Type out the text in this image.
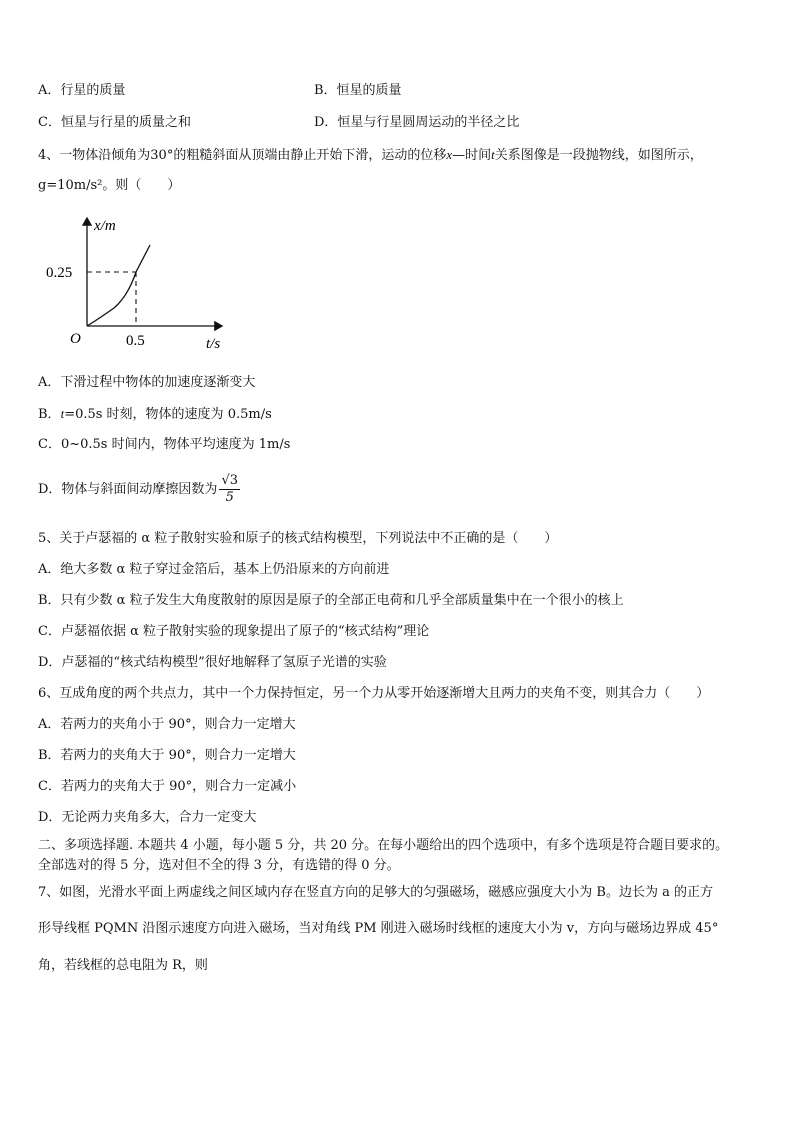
A．行星的质量	B．恒星的质量
C．恒星与行星的质量之和	D．恒星与行星圆周运动的半径之比
4、一物体沿倾角为30°的粗糙斜面从顶端由静止开始下滑，运动的位移x—时间t关系图像是一段抛物线，如图所示，
g=10m/s²。则（　　）
x/m
0.25
O	0.5	t/s
A．下滑过程中物体的加速度逐渐变大
B．t=0.5s 时刻，物体的速度为 0.5m/s
C．0~0.5s 时间内，物体平均速度为 1m/s
D．物体与斜面间动摩擦因数为 $\frac{√3}{5}$
5、关于卢瑟福的 α 粒子散射实验和原子的核式结构模型，下列说法中不正确的是（　　）
A．绝大多数 α 粒子穿过金箔后，基本上仍沿原来的方向前进
B．只有少数 α 粒子发生大角度散射的原因是原子的全部正电荷和几乎全部质量集中在一个很小的核上
C．卢瑟福依据 α 粒子散射实验的现象提出了原子的“核式结构”理论
D．卢瑟福的“核式结构模型”很好地解释了氢原子光谱的实验
6、互成角度的两个共点力，其中一个力保持恒定，另一个力从零开始逐渐增大且两力的夹角不变，则其合力（　　）
A．若两力的夹角小于 90°，则合力一定增大
B．若两力的夹角大于 90°，则合力一定增大
C．若两力的夹角大于 90°，则合力一定减小
D．无论两力夹角多大，合力一定变大
二、多项选择题. 本题共 4 小题，每小题 5 分，共 20 分。在每小题给出的四个选项中，有多个选项是符合题目要求的。
全部选对的得 5 分，选对但不全的得 3 分，有选错的得 0 分。
7、如图，光滑水平面上两虚线之间区域内存在竖直方向的足够大的匀强磁场，磁感应强度大小为 B。边长为 a 的正方
形导线框 PQMN 沿图示速度方向进入磁场，当对角线 PM 刚进入磁场时线框的速度大小为 v，方向与磁场边界成 45°
角，若线框的总电阻为 R，则
